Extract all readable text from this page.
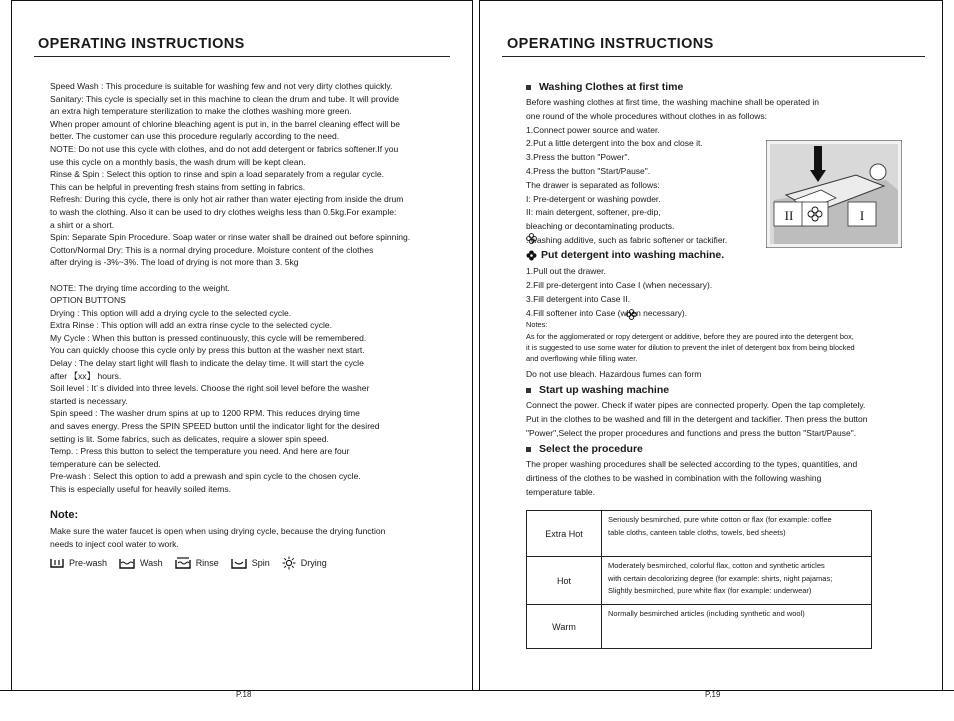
OPERATING INSTRUCTIONS
Speed Wash : This procedure is suitable for washing few and not very dirty clothes quickly.
Sanitary: This cycle is specially set in this machine to clean the drum and tube. It will provide
an extra high temperature sterilization to make the clothes washing more green.
When proper amount of chlorine bleaching agent is put in, in the barrel cleaning effect will be
better. The customer can use this procedure regularly according to the need.
NOTE: Do not use this cycle with clothes, and do not add detergent or fabrics softener.If you
use this cycle on a monthly basis, the wash drum will be kept clean.
Rinse & Spin : Select this option to rinse and spin a load separately from a regular cycle.
This can be helpful in preventing fresh stains from setting in fabrics.
Refresh: During this cycle, there is only hot air rather than water ejecting from inside the drum
to wash the clothing. Also it can be used to dry clothes weighs less than 0.5kg.For example:
a shirt or a short.
Spin: Separate Spin Procedure. Soap water or rinse water shall be drained out before spinning.
Cotton/Normal Dry: This is a normal drying procedure. Moisture content of the clothes
after drying is -3%~3%. The load of drying is not more than 3. 5kg

NOTE: The drying time according to the weight.
OPTION BUTTONS
Drying : This option will add a drying cycle to the selected cycle.
Extra Rinse : This option will add an extra rinse cycle to the selected cycle.
My Cycle : When this button is pressed continuously, this cycle will be remembered.
You can quickly choose this cycle only by press this button at the washer next start.
Delay : The delay start light will flash to indicate the delay time. It will start the cycle
after 【xx】 hours.
Soil level : It’ s divided into three levels. Choose the right soil level before the washer
started is necessary.
Spin speed : The washer drum spins at up to 1200 RPM. This reduces drying time
and saves energy. Press the SPIN SPEED button until the indicator light for the desired
setting is lit. Some fabrics, such as delicates, require a slower spin speed.
Temp. : Press this button to select the temperature you need. And here are four
temperature can be selected.
Pre-wash : Select this option to add a prewash and spin cycle to the chosen cycle.
This is especially useful for heavily soiled items.
Note:
Make sure the water faucet is open when using drying cycle, because the drying function
needs to inject cool water to work.
Pre-wash	Wash	Rinse	Spin	Drying
P.18
OPERATING INSTRUCTIONS
Washing Clothes at first time
Before washing clothes at first time, the washing machine shall be operated in
one round of the whole procedures without clothes in as follows:
1.Connect power source and water.
2.Put a little detergent into the box and close it.
3.Press the button "Power".
4.Press the button "Start/Pause".
The drawer is separated as follows:
I: Pre-detergent or washing powder.
II: main detergent, softener, pre-dip,
bleaching or decontaminating products.
: washing additive, such as fabric softener or tackifier.
II	I
Put detergent into washing machine.
1.Pull out the drawer.
2.Fill pre-detergent into Case I (when necessary).
3.Fill detergent into Case II.
4.Fill softener into Case (when necessary).
Notes:
As for the agglomerated or ropy detergent or additive, before they are poured into the detergent box,
it is suggested to use some water for dilution to prevent the inlet of detergent box from being blocked
and overflowing while filling water.
Do not use bleach. Hazardous fumes can form
Start up washing machine
Connect the power. Check if water pipes are connected properly. Open the tap completely.
Put in the clothes to be washed and fill in the detergent and tackifier. Then press the button
"Power",Select the proper procedures and functions and press the button "Start/Pause".
Select the procedure
The proper washing procedures shall be selected according to the types, quantities, and
dirtiness of the clothes to be washed in combination with the following washing
temperature table.
Extra Hot	Seriously besmirched, pure white cotton or flax (for example: coffee
table cloths, canteen table cloths, towels, bed sheets)

Hot	Moderately besmirched, colorful flax, cotton and synthetic articles
with certain decolorizing degree (for example: shirts, night pajamas;
Slightly besmirched, pure white flax (for example: underwear)

Warm	Normally besmirched articles (including synthetic and wool)
P.19
